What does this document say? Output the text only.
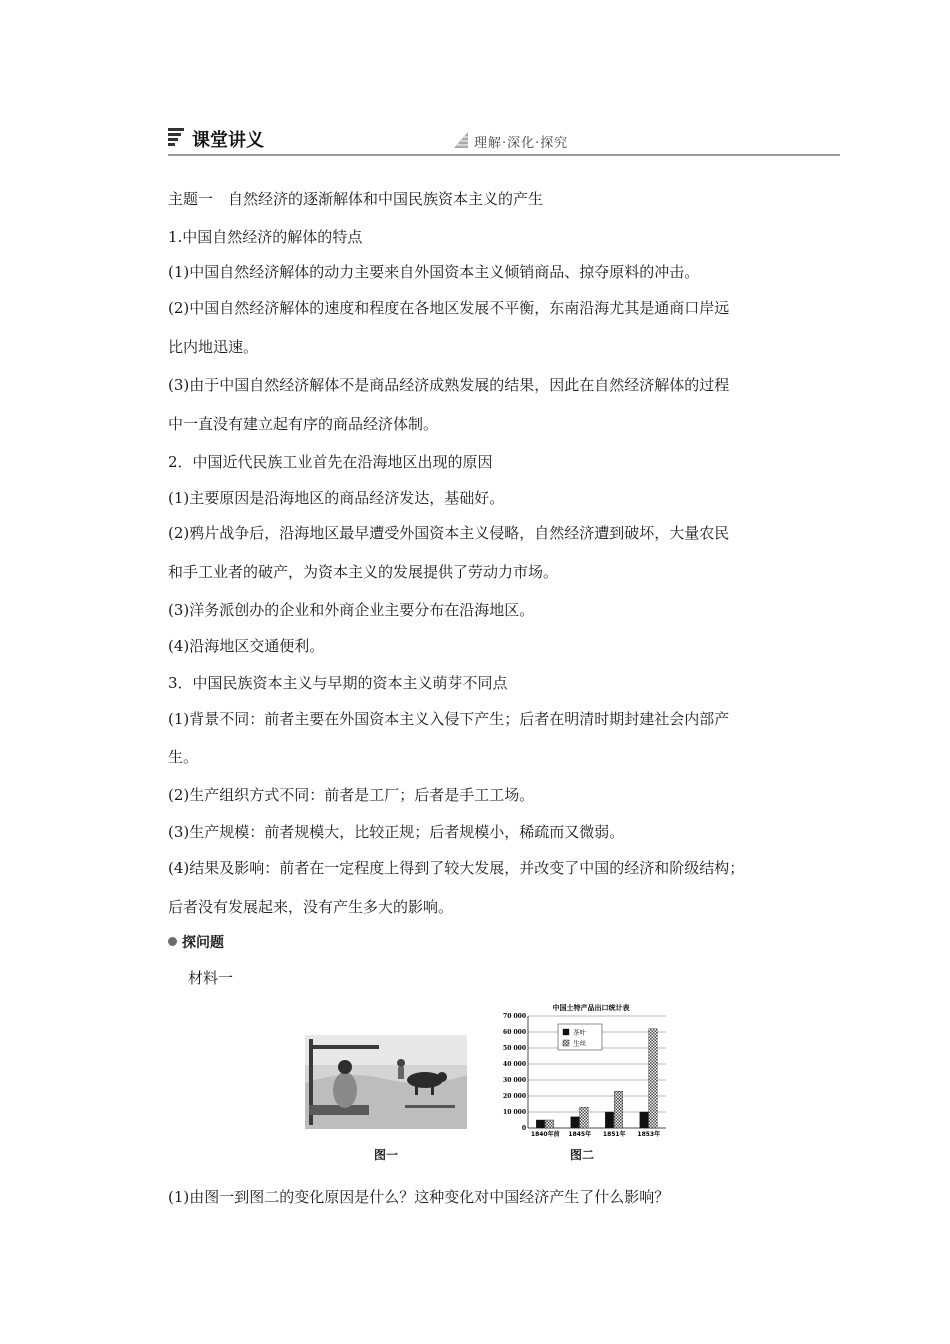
课堂讲义	理解·深化·探究
主题一　自然经济的逐渐解体和中国民族资本主义的产生
1.中国自然经济的解体的特点
(1)中国自然经济解体的动力主要来自外国资本主义倾销商品、掠夺原料的冲击。
(2)中国自然经济解体的速度和程度在各地区发展不平衡，东南沿海尤其是通商口岸远
比内地迅速。
(3)由于中国自然经济解体不是商品经济成熟发展的结果，因此在自然经济解体的过程
中一直没有建立起有序的商品经济体制。
2．中国近代民族工业首先在沿海地区出现的原因
(1)主要原因是沿海地区的商品经济发达，基础好。
(2)鸦片战争后，沿海地区最早遭受外国资本主义侵略，自然经济遭到破坏，大量农民
和手工业者的破产，为资本主义的发展提供了劳动力市场。
(3)洋务派创办的企业和外商企业主要分布在沿海地区。
(4)沿海地区交通便利。
3．中国民族资本主义与早期的资本主义萌芽不同点
(1)背景不同：前者主要在外国资本主义入侵下产生；后者在明清时期封建社会内部产
生。
(2)生产组织方式不同：前者是工厂；后者是手工工场。
(3)生产规模：前者规模大，比较正规；后者规模小，稀疏而又微弱。
(4)结果及影响：前者在一定程度上得到了较大发展，并改变了中国的经济和阶级结构；
后者没有发展起来，没有产生多大的影响。
探问题
材料一
中国土特产品出口统计表
0
10 000
20 000
30 000
40 000
50 000
60 000
70 000
1840年前 1845年 1851年 1853年
茶叶
生丝
图一	图二
(1)由图一到图二的变化原因是什么？这种变化对中国经济产生了什么影响？
